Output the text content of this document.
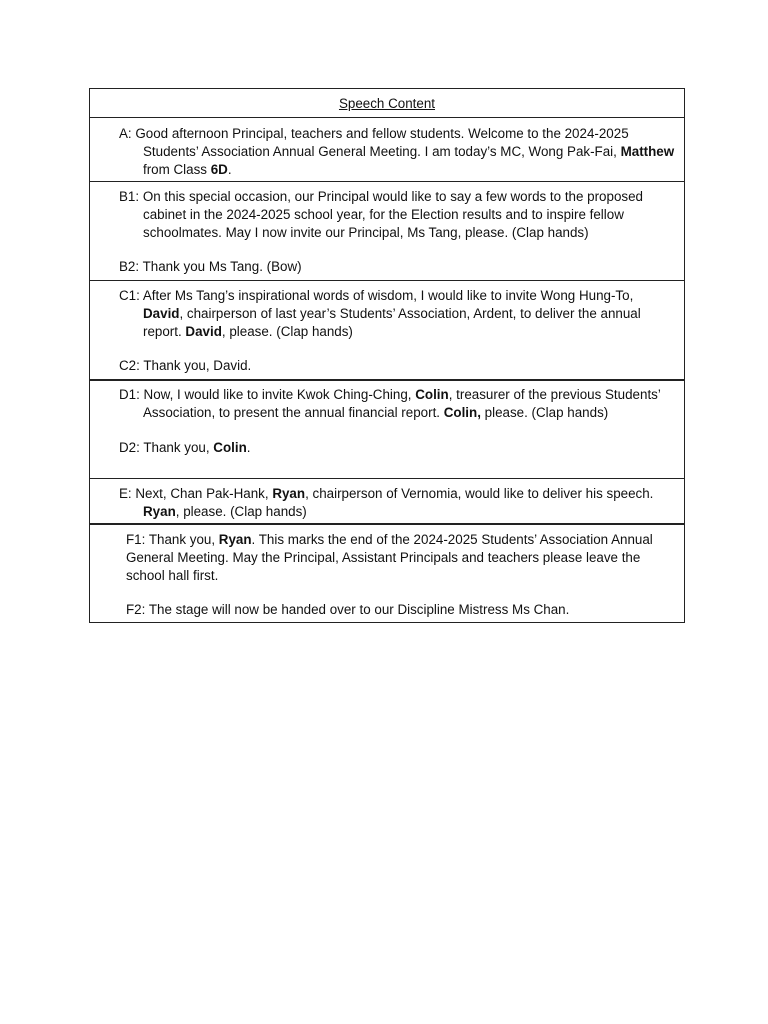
Speech Content

A: Good afternoon Principal, teachers and fellow students. Welcome to the 2024-2025 Students’ Association Annual General Meeting. I am today’s MC, Wong Pak-Fai, Matthew from Class 6D.

B1: On this special occasion, our Principal would like to say a few words to the proposed cabinet in the 2024-2025 school year, for the Election results and to inspire fellow schoolmates. May I now invite our Principal, Ms Tang, please. (Clap hands)

B2: Thank you Ms Tang. (Bow)

C1: After Ms Tang’s inspirational words of wisdom, I would like to invite Wong Hung-To, David, chairperson of last year’s Students’ Association, Ardent, to deliver the annual report. David, please. (Clap hands)

C2: Thank you, David.

D1: Now, I would like to invite Kwok Ching-Ching, Colin, treasurer of the previous Students’ Association, to present the annual financial report. Colin, please. (Clap hands)

D2: Thank you, Colin.

E: Next, Chan Pak-Hank, Ryan, chairperson of Vernomia, would like to deliver his speech. Ryan, please. (Clap hands)

F1: Thank you, Ryan. This marks the end of the 2024-2025 Students’ Association Annual General Meeting. May the Principal, Assistant Principals and teachers please leave the school hall first.

F2: The stage will now be handed over to our Discipline Mistress Ms Chan.
